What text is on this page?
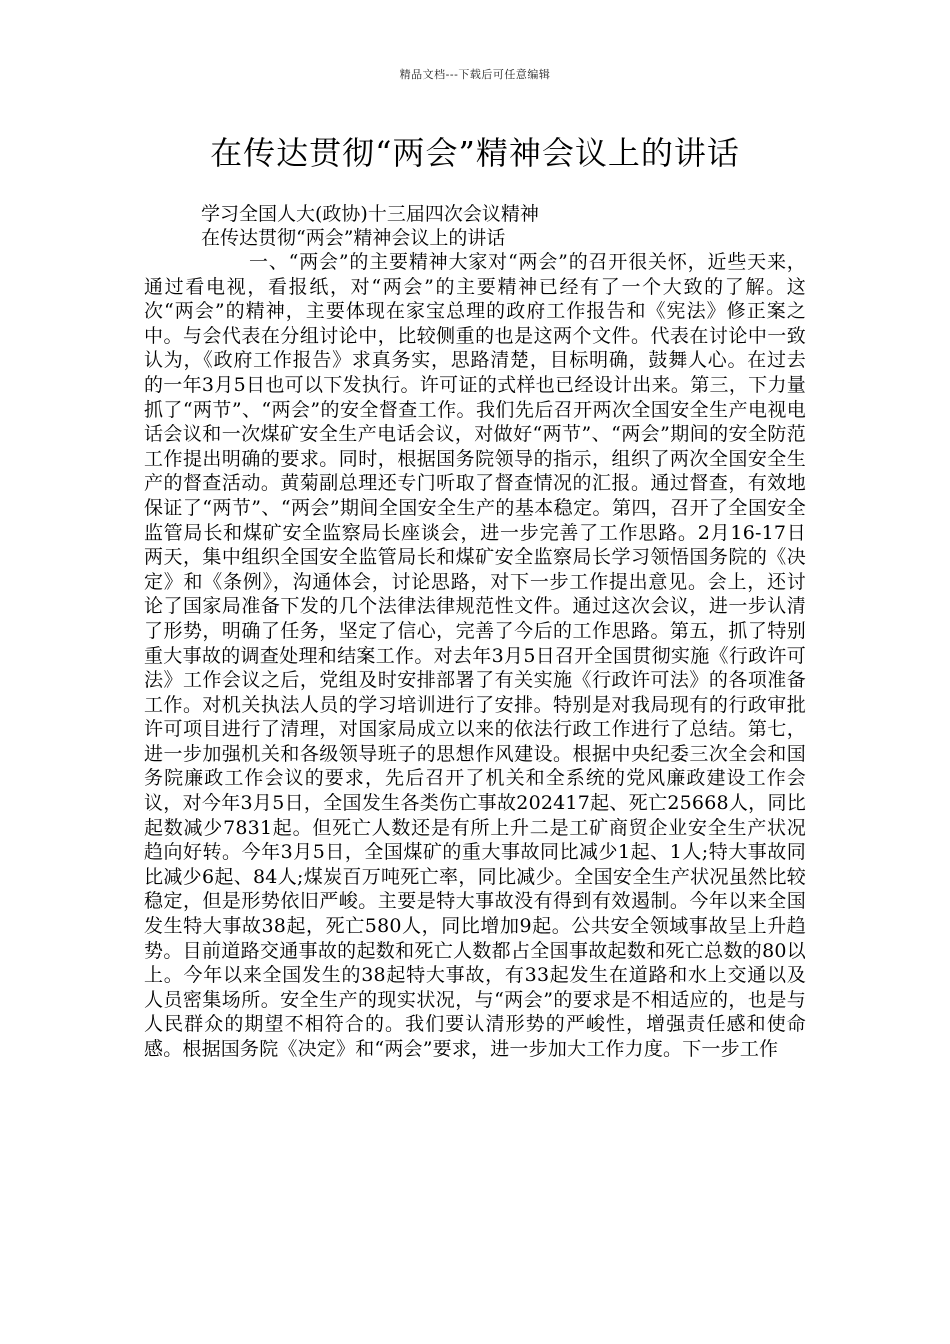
精品文档---下载后可任意编辑
在传达贯彻“两会”精神会议上的讲话
学习全国人大(政协)十三届四次会议精神
在传达贯彻“两会”精神会议上的讲话

一、“两会”的主要精神大家对“两会”的召开很关怀，近些天来，通过看电视，看报纸，对“两会”的主要精神已经有了一个大致的了解。这次“两会”的精神，主要体现在家宝总理的政府工作报告和《宪法》修正案之中。与会代表在分组讨论中，比较侧重的也是这两个文件。代表在讨论中一致认为，《政府工作报告》求真务实，思路清楚，目标明确，鼓舞人心。在过去的一年3月5日也可以下发执行。许可证的式样也已经设计出来。第三，下力量抓了“两节”、“两会”的安全督查工作。我们先后召开两次全国安全生产电视电话会议和一次煤矿安全生产电话会议，对做好“两节”、“两会”期间的安全防范工作提出明确的要求。同时，根据国务院领导的指示，组织了两次全国安全生产的督查活动。黄菊副总理还专门听取了督查情况的汇报。通过督查，有效地保证了“两节”、“两会”期间全国安全生产的基本稳定。第四，召开了全国安全监管局长和煤矿安全监察局长座谈会，进一步完善了工作思路。2月16-17日两天，集中组织全国安全监管局长和煤矿安全监察局长学习领悟国务院的《决定》和《条例》，沟通体会，讨论思路，对下一步工作提出意见。会上，还讨论了国家局准备下发的几个法律法律规范性文件。通过这次会议，进一步认清了形势，明确了任务，坚定了信心，完善了今后的工作思路。第五，抓了特别重大事故的调查处理和结案工作。对去年3月5日召开全国贯彻实施《行政许可法》工作会议之后，党组及时安排部署了有关实施《行政许可法》的各项准备工作。对机关执法人员的学习培训进行了安排。特别是对我局现有的行政审批许可项目进行了清理，对国家局成立以来的依法行政工作进行了总结。第七，进一步加强机关和各级领导班子的思想作风建设。根据中央纪委三次全会和国务院廉政工作会议的要求，先后召开了机关和全系统的党风廉政建设工作会议，对今年3月5日，全国发生各类伤亡事故202417起、死亡25668人，同比起数减少7831起。但死亡人数还是有所上升二是工矿商贸企业安全生产状况趋向好转。今年3月5日，全国煤矿的重大事故同比减少1起、1人;特大事故同比减少6起、84人;煤炭百万吨死亡率，同比减少。全国安全生产状况虽然比较稳定，但是形势依旧严峻。主要是特大事故没有得到有效遏制。今年以来全国发生特大事故38起，死亡580人，同比增加9起。公共安全领域事故呈上升趋势。目前道路交通事故的起数和死亡人数都占全国事故起数和死亡总数的80以上。今年以来全国发生的38起特大事故，有33起发生在道路和水上交通以及人员密集场所。安全生产的现实状况，与“两会”的要求是不相适应的，也是与人民群众的期望不相符合的。我们要认清形势的严峻性，增强责任感和使命感。根据国务院《决定》和“两会”要求，进一步加大工作力度。下一步工作
